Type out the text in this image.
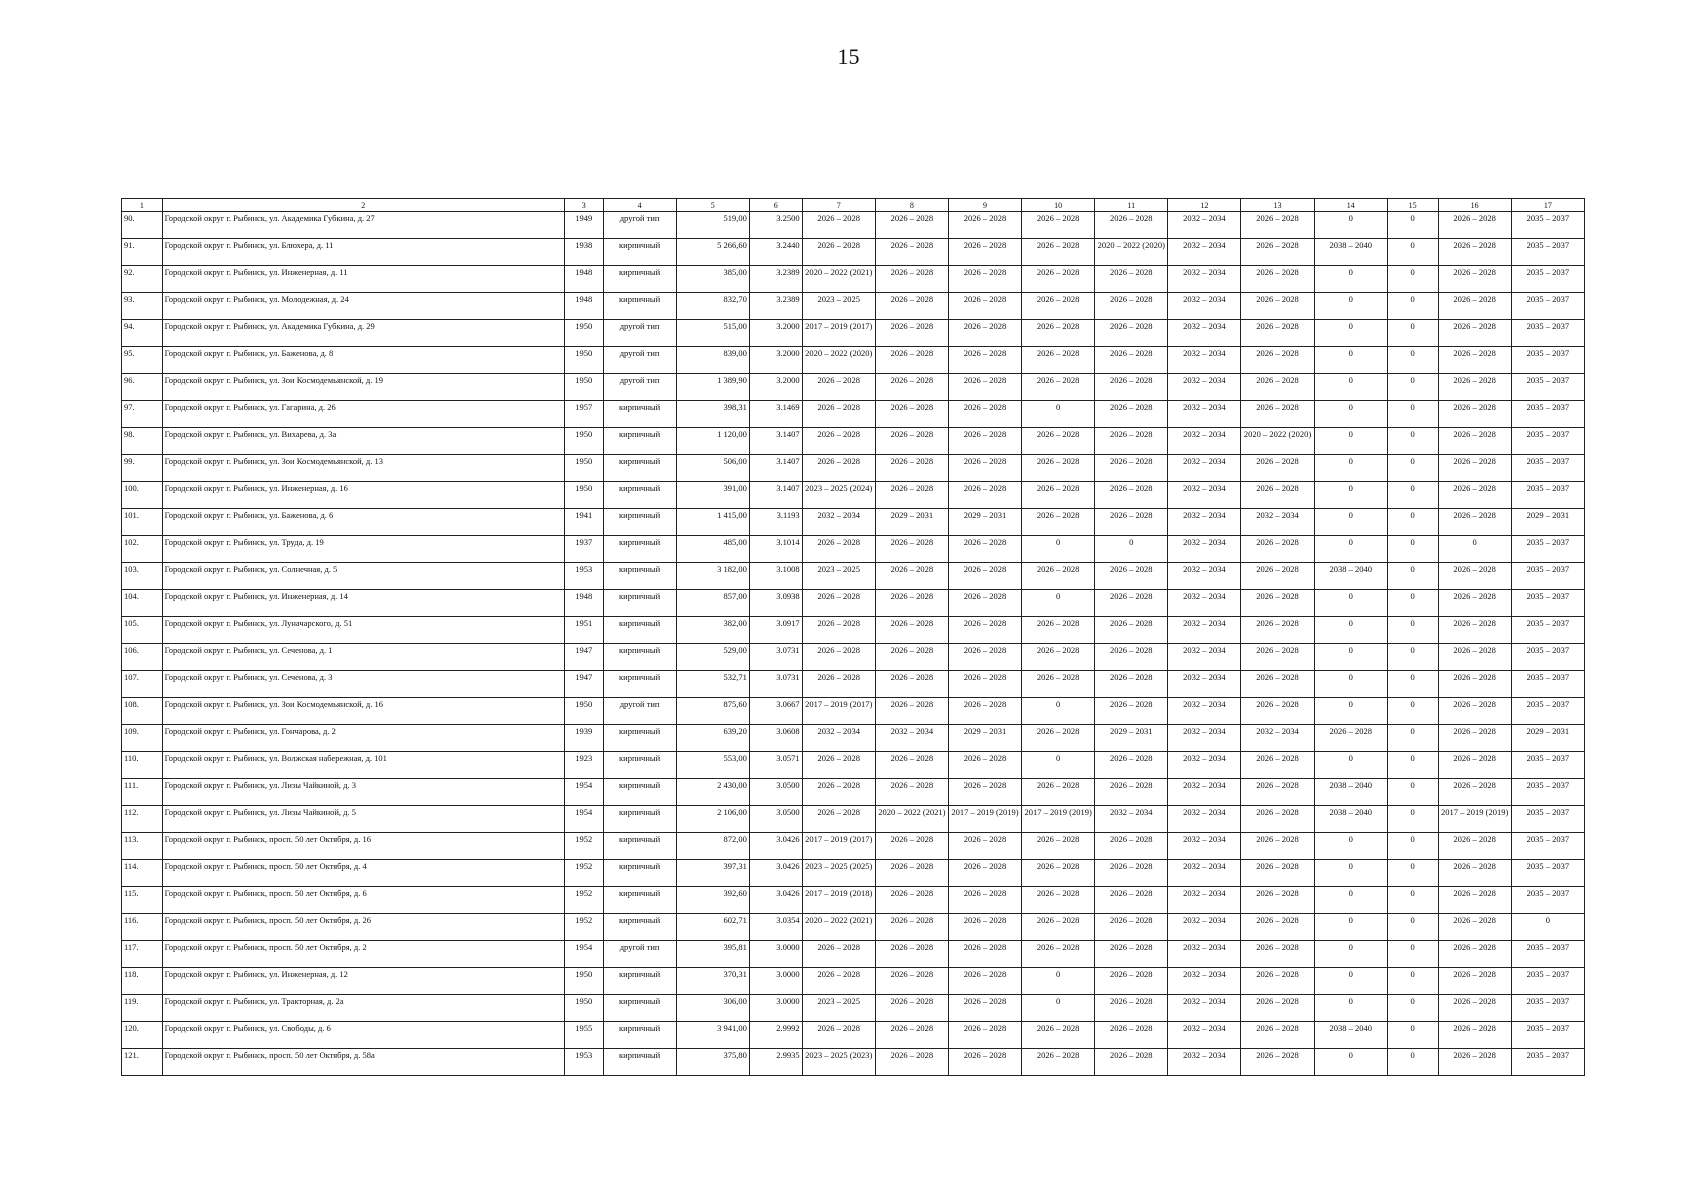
15
1	2	3	4	5	6	7	8	9	10	11	12	13	14	15	16	17
90.	Городской округ г. Рыбинск, ул. Академика Губкина, д. 27	1949	другой тип	519,00	3.2500	2026 – 2028	2026 – 2028	2026 – 2028	2026 – 2028	2026 – 2028	2032 – 2034	2026 – 2028	0	0	2026 – 2028	2035 – 2037
91.	Городской округ г. Рыбинск, ул. Блюхера, д. 11	1938	кирпичный	5 266,60	3.2440	2026 – 2028	2026 – 2028	2026 – 2028	2026 – 2028	2020 – 2022 (2020)	2032 – 2034	2026 – 2028	2038 – 2040	0	2026 – 2028	2035 – 2037
92.	Городской округ г. Рыбинск, ул. Инженерная, д. 11	1948	кирпичный	385,00	3.2389	2020 – 2022 (2021)	2026 – 2028	2026 – 2028	2026 – 2028	2026 – 2028	2032 – 2034	2026 – 2028	0	0	2026 – 2028	2035 – 2037
93.	Городской округ г. Рыбинск, ул. Молодежная, д. 24	1948	кирпичный	832,70	3.2389	2023 – 2025	2026 – 2028	2026 – 2028	2026 – 2028	2026 – 2028	2032 – 2034	2026 – 2028	0	0	2026 – 2028	2035 – 2037
94.	Городской округ г. Рыбинск, ул. Академика Губкина, д. 29	1950	другой тип	515,00	3.2000	2017 – 2019 (2017)	2026 – 2028	2026 – 2028	2026 – 2028	2026 – 2028	2032 – 2034	2026 – 2028	0	0	2026 – 2028	2035 – 2037
95.	Городской округ г. Рыбинск, ул. Баженова, д. 8	1950	другой тип	839,00	3.2000	2020 – 2022 (2020)	2026 – 2028	2026 – 2028	2026 – 2028	2026 – 2028	2032 – 2034	2026 – 2028	0	0	2026 – 2028	2035 – 2037
96.	Городской округ г. Рыбинск, ул. Зои Космодемьянской, д. 19	1950	другой тип	1 389,90	3.2000	2026 – 2028	2026 – 2028	2026 – 2028	2026 – 2028	2026 – 2028	2032 – 2034	2026 – 2028	0	0	2026 – 2028	2035 – 2037
97.	Городской округ г. Рыбинск, ул. Гагарина, д. 26	1957	кирпичный	398,31	3.1469	2026 – 2028	2026 – 2028	2026 – 2028	0	2026 – 2028	2032 – 2034	2026 – 2028	0	0	2026 – 2028	2035 – 2037
98.	Городской округ г. Рыбинск, ул. Вихарева, д. 3а	1950	кирпичный	1 120,00	3.1407	2026 – 2028	2026 – 2028	2026 – 2028	2026 – 2028	2026 – 2028	2032 – 2034	2020 – 2022 (2020)	0	0	2026 – 2028	2035 – 2037
99.	Городской округ г. Рыбинск, ул. Зои Космодемьянской, д. 13	1950	кирпичный	506,00	3.1407	2026 – 2028	2026 – 2028	2026 – 2028	2026 – 2028	2026 – 2028	2032 – 2034	2026 – 2028	0	0	2026 – 2028	2035 – 2037
100.	Городской округ г. Рыбинск, ул. Инженерная, д. 16	1950	кирпичный	391,00	3.1407	2023 – 2025 (2024)	2026 – 2028	2026 – 2028	2026 – 2028	2026 – 2028	2032 – 2034	2026 – 2028	0	0	2026 – 2028	2035 – 2037
101.	Городской округ г. Рыбинск, ул. Баженова, д. 6	1941	кирпичный	1 415,00	3.1193	2032 – 2034	2029 – 2031	2029 – 2031	2026 – 2028	2026 – 2028	2032 – 2034	2032 – 2034	0	0	2026 – 2028	2029 – 2031
102.	Городской округ г. Рыбинск, ул. Труда, д. 19	1937	кирпичный	485,00	3.1014	2026 – 2028	2026 – 2028	2026 – 2028	0	0	2032 – 2034	2026 – 2028	0	0	0	2035 – 2037
103.	Городской округ г. Рыбинск, ул. Солнечная, д. 5	1953	кирпичный	3 182,00	3.1008	2023 – 2025	2026 – 2028	2026 – 2028	2026 – 2028	2026 – 2028	2032 – 2034	2026 – 2028	2038 – 2040	0	2026 – 2028	2035 – 2037
104.	Городской округ г. Рыбинск, ул. Инженерная, д. 14	1948	кирпичный	857,00	3.0938	2026 – 2028	2026 – 2028	2026 – 2028	0	2026 – 2028	2032 – 2034	2026 – 2028	0	0	2026 – 2028	2035 – 2037
105.	Городской округ г. Рыбинск, ул. Луначарского, д. 51	1951	кирпичный	382,00	3.0917	2026 – 2028	2026 – 2028	2026 – 2028	2026 – 2028	2026 – 2028	2032 – 2034	2026 – 2028	0	0	2026 – 2028	2035 – 2037
106.	Городской округ г. Рыбинск, ул. Сеченова, д. 1	1947	кирпичный	529,00	3.0731	2026 – 2028	2026 – 2028	2026 – 2028	2026 – 2028	2026 – 2028	2032 – 2034	2026 – 2028	0	0	2026 – 2028	2035 – 2037
107.	Городской округ г. Рыбинск, ул. Сеченова, д. 3	1947	кирпичный	532,71	3.0731	2026 – 2028	2026 – 2028	2026 – 2028	2026 – 2028	2026 – 2028	2032 – 2034	2026 – 2028	0	0	2026 – 2028	2035 – 2037
108.	Городской округ г. Рыбинск, ул. Зои Космодемьянской, д. 16	1950	другой тип	875,60	3.0667	2017 – 2019 (2017)	2026 – 2028	2026 – 2028	0	2026 – 2028	2032 – 2034	2026 – 2028	0	0	2026 – 2028	2035 – 2037
109.	Городской округ г. Рыбинск, ул. Гончарова, д. 2	1939	кирпичный	639,20	3.0608	2032 – 2034	2032 – 2034	2029 – 2031	2026 – 2028	2029 – 2031	2032 – 2034	2032 – 2034	2026 – 2028	0	2026 – 2028	2029 – 2031
110.	Городской округ г. Рыбинск, ул. Волжская набережная, д. 101	1923	кирпичный	553,00	3.0571	2026 – 2028	2026 – 2028	2026 – 2028	0	2026 – 2028	2032 – 2034	2026 – 2028	0	0	2026 – 2028	2035 – 2037
111.	Городской округ г. Рыбинск, ул. Лизы Чайкиной, д. 3	1954	кирпичный	2 430,00	3.0500	2026 – 2028	2026 – 2028	2026 – 2028	2026 – 2028	2026 – 2028	2032 – 2034	2026 – 2028	2038 – 2040	0	2026 – 2028	2035 – 2037
112.	Городской округ г. Рыбинск, ул. Лизы Чайкиной, д. 5	1954	кирпичный	2 106,00	3.0500	2026 – 2028	2020 – 2022 (2021)	2017 – 2019 (2019)	2017 – 2019 (2019)	2032 – 2034	2032 – 2034	2026 – 2028	2038 – 2040	0	2017 – 2019 (2019)	2035 – 2037
113.	Городской округ г. Рыбинск, просп. 50 лет Октября, д. 16	1952	кирпичный	872,00	3.0426	2017 – 2019 (2017)	2026 – 2028	2026 – 2028	2026 – 2028	2026 – 2028	2032 – 2034	2026 – 2028	0	0	2026 – 2028	2035 – 2037
114.	Городской округ г. Рыбинск, просп. 50 лет Октября, д. 4	1952	кирпичный	397,31	3.0426	2023 – 2025 (2025)	2026 – 2028	2026 – 2028	2026 – 2028	2026 – 2028	2032 – 2034	2026 – 2028	0	0	2026 – 2028	2035 – 2037
115.	Городской округ г. Рыбинск, просп. 50 лет Октября, д. 6	1952	кирпичный	392,60	3.0426	2017 – 2019 (2018)	2026 – 2028	2026 – 2028	2026 – 2028	2026 – 2028	2032 – 2034	2026 – 2028	0	0	2026 – 2028	2035 – 2037
116.	Городской округ г. Рыбинск, просп. 50 лет Октября, д. 26	1952	кирпичный	602,71	3.0354	2020 – 2022 (2021)	2026 – 2028	2026 – 2028	2026 – 2028	2026 – 2028	2032 – 2034	2026 – 2028	0	0	2026 – 2028	0
117.	Городской округ г. Рыбинск, просп. 50 лет Октября, д. 2	1954	другой тип	395,81	3.0000	2026 – 2028	2026 – 2028	2026 – 2028	2026 – 2028	2026 – 2028	2032 – 2034	2026 – 2028	0	0	2026 – 2028	2035 – 2037
118.	Городской округ г. Рыбинск, ул. Инженерная, д. 12	1950	кирпичный	370,31	3.0000	2026 – 2028	2026 – 2028	2026 – 2028	0	2026 – 2028	2032 – 2034	2026 – 2028	0	0	2026 – 2028	2035 – 2037
119.	Городской округ г. Рыбинск, ул. Тракторная, д. 2а	1950	кирпичный	306,00	3.0000	2023 – 2025	2026 – 2028	2026 – 2028	0	2026 – 2028	2032 – 2034	2026 – 2028	0	0	2026 – 2028	2035 – 2037
120.	Городской округ г. Рыбинск, ул. Свободы, д. 6	1955	кирпичный	3 941,00	2.9992	2026 – 2028	2026 – 2028	2026 – 2028	2026 – 2028	2026 – 2028	2032 – 2034	2026 – 2028	2038 – 2040	0	2026 – 2028	2035 – 2037
121.	Городской округ г. Рыбинск, просп. 50 лет Октября, д. 58а	1953	кирпичный	375,80	2.9935	2023 – 2025 (2023)	2026 – 2028	2026 – 2028	2026 – 2028	2026 – 2028	2032 – 2034	2026 – 2028	0	0	2026 – 2028	2035 – 2037
